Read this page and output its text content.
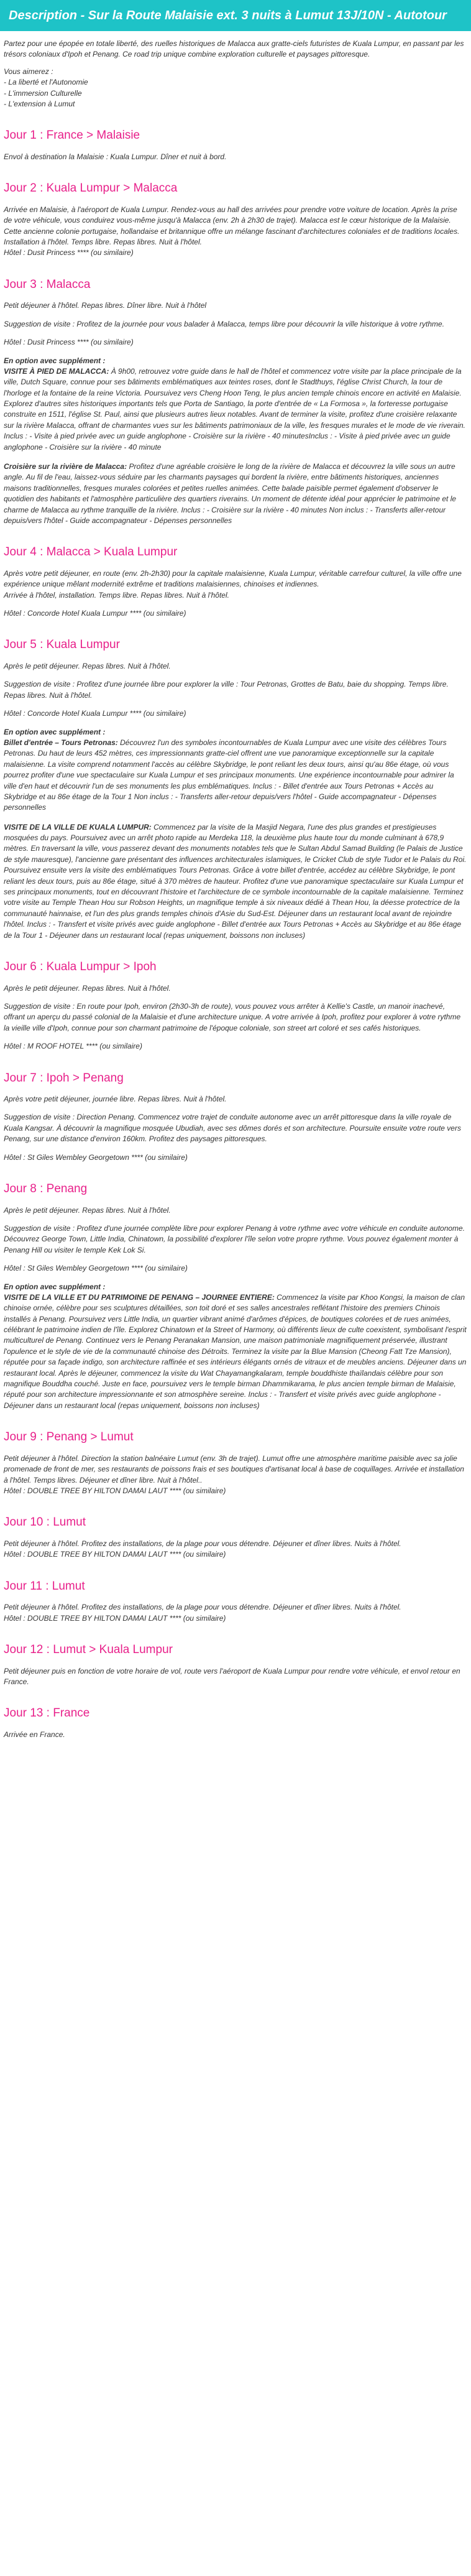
Description - Sur la Route Malaisie ext. 3 nuits à Lumut 13J/10N - Autotour

Partez pour une épopée en totale liberté, des ruelles historiques de Malacca aux gratte-ciels futuristes de Kuala Lumpur, en passant par les trésors coloniaux d'Ipoh et Penang. Ce road trip unique combine exploration culturelle et paysages pittoresque.

Vous aimerez :

- La liberté et l'Autonomie
- L'immersion Culturelle
- L'extension à Lumut
Jour 1 : France > Malaisie

Envol à destination la Malaisie : Kuala Lumpur. Dîner et nuit à bord.

Jour 2 : Kuala Lumpur > Malacca

Arrivée en Malaisie, à l'aéroport de Kuala Lumpur. Rendez-vous au hall des arrivées pour prendre votre voiture de location. Après la prise de votre véhicule, vous conduirez vous-même jusqu'à Malacca (env. 2h à 2h30 de trajet). Malacca est le cœur historique de la Malaisie. Cette ancienne colonie portugaise, hollandaise et britannique offre un mélange fascinant d'architectures coloniales et de traditions locales. Installation à l'hôtel. Temps libre. Repas libres. Nuit à l'hôtel.
Hôtel : Dusit Princess **** (ou similaire)

Jour 3 : Malacca

Petit déjeuner à l'hôtel. Repas libres. Dîner libre. Nuit à l'hôtel

Suggestion de visite : Profitez de la journée pour vous balader à Malacca, temps libre pour découvrir la ville historique à votre rythme.

Hôtel : Dusit Princess **** (ou similaire)

En option avec supplément :

VISITE À PIED DE MALACCA: À 9h00, retrouvez votre guide dans le hall de l'hôtel et commencez votre visite par la place principale de la ville, Dutch Square, connue pour ses bâtiments emblématiques aux teintes roses, dont le Stadthuys, l'église Christ Church, la tour de l'horloge et la fontaine de la reine Victoria. Poursuivez vers Cheng Hoon Teng, le plus ancien temple chinois encore en activité en Malaisie. Explorez d'autres sites historiques importants tels que Porta de Santiago, la porte d'entrée de « La Formosa », la forteresse portugaise construite en 1511, l'église St. Paul, ainsi que plusieurs autres lieux notables. Avant de terminer la visite, profitez d'une croisière relaxante sur la rivière Malacca, offrant de charmantes vues sur les bâtiments patrimoniaux de la ville, les fresques murales et le mode de vie riverain. Inclus : - Visite à pied privée avec un guide anglophone - Croisière sur la rivière - 40 minutesInclus : - Visite à pied privée avec un guide anglophone - Croisière sur la rivière - 40 minute
Croisière sur la rivière de Malacca: Profitez d'une agréable croisière le long de la rivière de Malacca et découvrez la ville sous un autre angle. Au fil de l'eau, laissez-vous séduire par les charmants paysages qui bordent la rivière, entre bâtiments historiques, anciennes maisons traditionnelles, fresques murales colorées et petites ruelles animées. Cette balade paisible permet également d'observer le quotidien des habitants et l'atmosphère particulière des quartiers riverains. Un moment de détente idéal pour apprécier le patrimoine et le charme de Malacca au rythme tranquille de la rivière. Inclus : - Croisière sur la rivière - 40 minutes Non inclus : - Transferts aller-retour depuis/vers l'hôtel - Guide accompagnateur - Dépenses personnelles
Jour 4 : Malacca > Kuala Lumpur

Après votre petit déjeuner, en route (env. 2h-2h30) pour la capitale malaisienne, Kuala Lumpur, véritable carrefour culturel, la ville offre une expérience unique mêlant modernité extrême et traditions malaisiennes, chinoises et indiennes.
Arrivée à l'hôtel, installation. Temps libre. Repas libres. Nuit à l'hôtel.

Hôtel : Concorde Hotel Kuala Lumpur **** (ou similaire)

Jour 5 : Kuala Lumpur

Après le petit déjeuner. Repas libres. Nuit à l'hôtel.

Suggestion de visite : Profitez d'une journée libre pour explorer la ville : Tour Petronas, Grottes de Batu, baie du shopping. Temps libre. Repas libres. Nuit à l'hôtel.

Hôtel : Concorde Hotel Kuala Lumpur **** (ou similaire)

En option avec supplément :

Billet d'entrée – Tours Petronas: Découvrez l'un des symboles incontournables de Kuala Lumpur avec une visite des célèbres Tours Petronas. Du haut de leurs 452 mètres, ces impressionnants gratte-ciel offrent une vue panoramique exceptionnelle sur la capitale malaisienne. La visite comprend notamment l'accès au célèbre Skybridge, le pont reliant les deux tours, ainsi qu'au 86e étage, où vous pourrez profiter d'une vue spectaculaire sur Kuala Lumpur et ses principaux monuments. Une expérience incontournable pour admirer la ville d'en haut et découvrir l'un de ses monuments les plus emblématiques. Inclus : - Billet d'entrée aux Tours Petronas + Accès au Skybridge et au 86e étage de la Tour 1 Non inclus : - Transferts aller-retour depuis/vers l'hôtel - Guide accompagnateur - Dépenses personnelles
VISITE DE LA VILLE DE KUALA LUMPUR: Commencez par la visite de la Masjid Negara, l'une des plus grandes et prestigieuses mosquées du pays. Poursuivez avec un arrêt photo rapide au Merdeka 118, la deuxième plus haute tour du monde culminant à 678,9 mètres. En traversant la ville, vous passerez devant des monuments notables tels que le Sultan Abdul Samad Building (le Palais de Justice de style mauresque), l'ancienne gare présentant des influences architecturales islamiques, le Cricket Club de style Tudor et le Palais du Roi. Poursuivez ensuite vers la visite des emblématiques Tours Petronas. Grâce à votre billet d'entrée, accédez au célèbre Skybridge, le pont reliant les deux tours, puis au 86e étage, situé à 370 mètres de hauteur. Profitez d'une vue panoramique spectaculaire sur Kuala Lumpur et ses principaux monuments, tout en découvrant l'histoire et l'architecture de ce symbole incontournable de la capitale malaisienne. Terminez votre visite au Temple Thean Hou sur Robson Heights, un magnifique temple à six niveaux dédié à Thean Hou, la déesse protectrice de la communauté hainnaise, et l'un des plus grands temples chinois d'Asie du Sud-Est. Déjeuner dans un restaurant local avant de rejoindre l'hôtel. Inclus : - Transfert et visite privés avec guide anglophone - Billet d'entrée aux Tours Petronas + Accès au Skybridge et au 86e étage de la Tour 1 - Déjeuner dans un restaurant local (repas uniquement, boissons non incluses)
Jour 6 : Kuala Lumpur > Ipoh

Après le petit déjeuner. Repas libres. Nuit à l'hôtel.

Suggestion de visite : En route pour Ipoh, environ (2h30-3h de route), vous pouvez vous arrêter à Kellie's Castle, un manoir inachevé, offrant un aperçu du passé colonial de la Malaisie et d'une architecture unique. A votre arrivée à Ipoh, profitez pour explorer à votre rythme la vieille ville d'Ipoh, connue pour son charmant patrimoine de l'époque coloniale, son street art coloré et ses cafés historiques.

Hôtel : M ROOF HOTEL **** (ou similaire)

Jour 7 : Ipoh > Penang

Après votre petit déjeuner, journée libre. Repas libres. Nuit à l'hôtel.

Suggestion de visite : Direction Penang. Commencez votre trajet de conduite autonome avec un arrêt pittoresque dans la ville royale de Kuala Kangsar. À découvrir la magnifique mosquée Ubudiah, avec ses dômes dorés et son architecture. Poursuite ensuite votre route vers Penang, sur une distance d'environ 160km. Profitez des paysages pittoresques.

Hôtel : St Giles Wembley Georgetown **** (ou similaire)

Jour 8 : Penang

Après le petit déjeuner. Repas libres. Nuit à l'hôtel.

Suggestion de visite : Profitez d'une journée complète libre pour explorer Penang à votre rythme avec votre véhicule en conduite autonome. Découvrez George Town, Little India, Chinatown, la possibilité d'explorer l'île selon votre propre rythme. Vous pouvez également monter à Penang Hill ou visiter le temple Kek Lok Si.

Hôtel : St Giles Wembley Georgetown **** (ou similaire)

En option avec supplément :

VISITE DE LA VILLE ET DU PATRIMOINE DE PENANG – JOURNEE ENTIERE: Commencez la visite par Khoo Kongsi, la maison de clan chinoise ornée, célèbre pour ses sculptures détaillées, son toit doré et ses salles ancestrales reflétant l'histoire des premiers Chinois installés à Penang. Poursuivez vers Little India, un quartier vibrant animé d'arômes d'épices, de boutiques colorées et de rues animées, célébrant le patrimoine indien de l'île. Explorez Chinatown et la Street of Harmony, où différents lieux de culte coexistent, symbolisant l'esprit multiculturel de Penang. Continuez vers le Penang Peranakan Mansion, une maison patrimoniale magnifiquement préservée, illustrant l'opulence et le style de vie de la communauté chinoise des Détroits. Terminez la visite par la Blue Mansion (Cheong Fatt Tze Mansion), réputée pour sa façade indigo, son architecture raffinée et ses intérieurs élégants ornés de vitraux et de meubles anciens. Déjeuner dans un restaurant local. Après le déjeuner, commencez la visite du Wat Chayamangkalaram, temple bouddhiste thaïlandais célèbre pour son magnifique Bouddha couché. Juste en face, poursuivez vers le temple birman Dhammikarama, le plus ancien temple birman de Malaisie, réputé pour son architecture impressionnante et son atmosphère sereine. Inclus : - Transfert et visite privés avec guide anglophone - Déjeuner dans un restaurant local (repas uniquement, boissons non incluses)
Jour 9 : Penang > Lumut

Petit déjeuner à l'hôtel. Direction la station balnéaire Lumut (env. 3h de trajet). Lumut offre une atmosphère maritime paisible avec sa jolie promenade de front de mer, ses restaurants de poissons frais et ses boutiques d'artisanat local à base de coquillages. Arrivée et installation à l'hôtel. Temps libres. Déjeuner et dîner libre. Nuit à l'hôtel..
Hôtel : DOUBLE TREE BY HILTON DAMAI LAUT **** (ou similaire)

Jour 10 : Lumut

Petit déjeuner à l'hôtel. Profitez des installations, de la plage pour vous détendre. Déjeuner et dîner libres. Nuits à l'hôtel.
Hôtel : DOUBLE TREE BY HILTON DAMAI LAUT **** (ou similaire)

Jour 11 : Lumut

Petit déjeuner à l'hôtel. Profitez des installations, de la plage pour vous détendre. Déjeuner et dîner libres. Nuits à l'hôtel.
Hôtel : DOUBLE TREE BY HILTON DAMAI LAUT **** (ou similaire)

Jour 12 : Lumut > Kuala Lumpur

Petit déjeuner puis en fonction de votre horaire de vol, route vers l'aéroport de Kuala Lumpur pour rendre votre véhicule, et envol retour en France.

Jour 13 : France

Arrivée en France.
